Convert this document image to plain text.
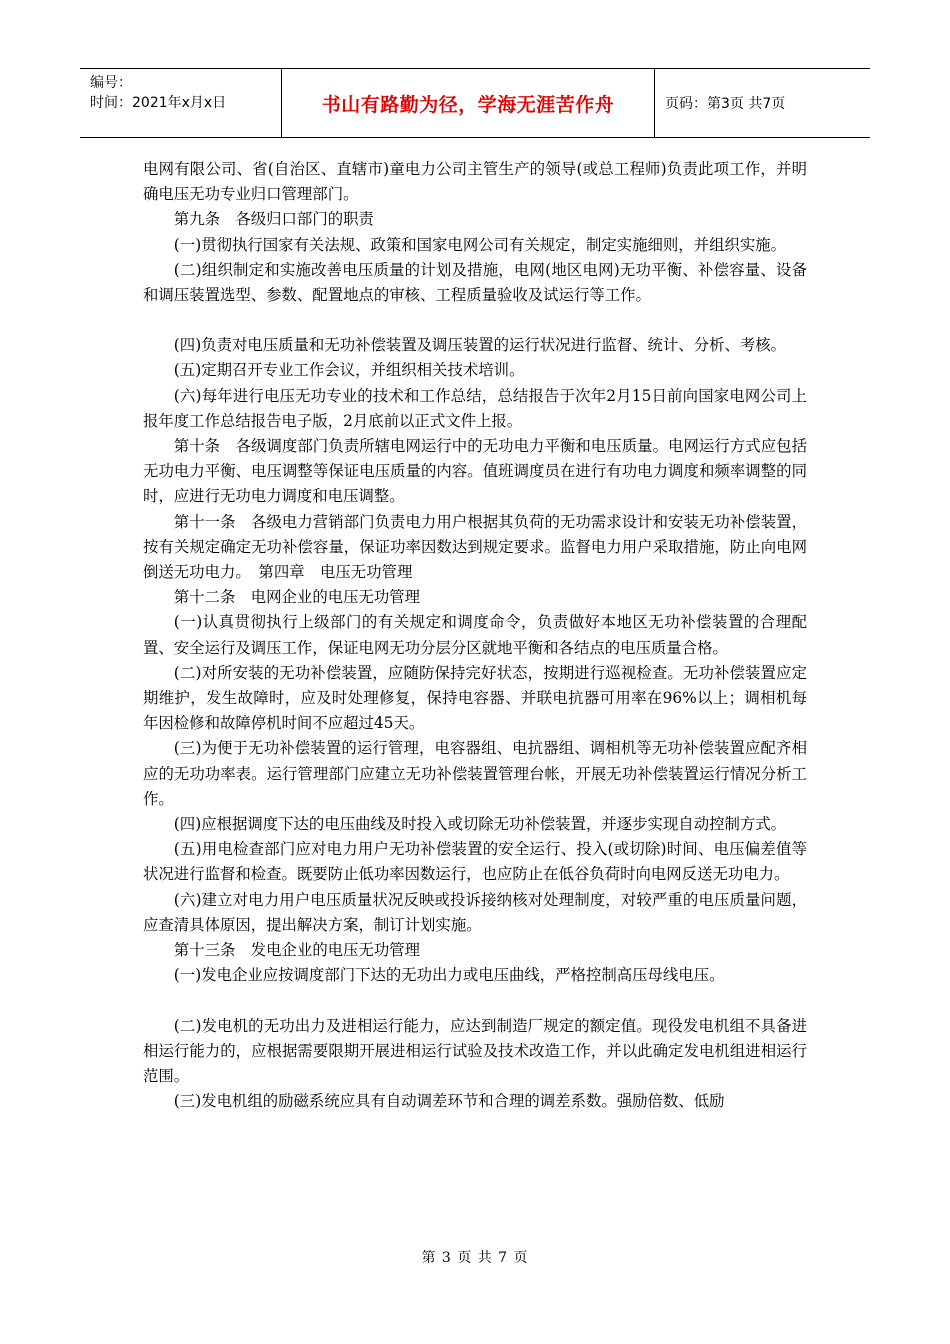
编号：
时间：2021年x月x日	书山有路勤为径，学海无涯苦作舟	页码：第3页 共7页

电网有限公司、省(自治区、直辖市)童电力公司主管生产的领导(或总工程师)负责此项工作，并明确电压无功专业归口管理部门。

第九条　各级归口部门的职责

(一)贯彻执行国家有关法规、政策和国家电网公司有关规定，制定实施细则，并组织实施。

(二)组织制定和实施改善电压质量的计划及措施，电网(地区电网)无功平衡、补偿容量、设备和调压装置选型、参数、配置地点的审核、工程质量验收及试运行等工作。

(四)负责对电压质量和无功补偿装置及调压装置的运行状况进行监督、统计、分析、考核。

(五)定期召开专业工作会议，并组织相关技术培训。

(六)每年进行电压无功专业的技术和工作总结，总结报告于次年2月15日前向国家电网公司上报年度工作总结报告电子版，2月底前以正式文件上报。

第十条　各级调度部门负责所辖电网运行中的无功电力平衡和电压质量。电网运行方式应包括无功电力平衡、电压调整等保证电压质量的内容。值班调度员在进行有功电力调度和频率调整的同时，应进行无功电力调度和电压调整。

第十一条　各级电力营销部门负责电力用户根据其负荷的无功需求设计和安装无功补偿装置，按有关规定确定无功补偿容量，保证功率因数达到规定要求。监督电力用户采取措施，防止向电网倒送无功电力。　第四章　电压无功管理

第十二条　电网企业的电压无功管理

(一)认真贯彻执行上级部门的有关规定和调度命令，负责做好本地区无功补偿装置的合理配置、安全运行及调压工作，保证电网无功分层分区就地平衡和各结点的电压质量合格。

(二)对所安装的无功补偿装置，应随防保持完好状态，按期进行巡视检查。无功补偿装置应定期维护，发生故障时，应及时处理修复，保持电容器、并联电抗器可用率在96%以上；调相机每年因检修和故障停机时间不应超过45天。

(三)为便于无功补偿装置的运行管理，电容器组、电抗器组、调相机等无功补偿装置应配齐相应的无功功率表。运行管理部门应建立无功补偿装置管理台帐，开展无功补偿装置运行情况分析工作。

(四)应根据调度下达的电压曲线及时投入或切除无功补偿装置，并逐步实现自动控制方式。

(五)用电检查部门应对电力用户无功补偿装置的安全运行、投入(或切除)时间、电压偏差值等状况进行监督和检查。既要防止低功率因数运行，也应防止在低谷负荷时向电网反送无功电力。

(六)建立对电力用户电压质量状况反映或投诉接纳核对处理制度，对较严重的电压质量问题，应查清具体原因，提出解决方案，制订计划实施。

第十三条　发电企业的电压无功管理

(一)发电企业应按调度部门下达的无功出力或电压曲线，严格控制高压母线电压。

(二)发电机的无功出力及进相运行能力，应达到制造厂规定的额定值。现役发电机组不具备进相运行能力的，应根据需要限期开展进相运行试验及技术改造工作，并以此确定发电机组进相运行范围。

(三)发电机组的励磁系统应具有自动调差环节和合理的调差系数。强励倍数、低励

第 3 页 共 7 页
